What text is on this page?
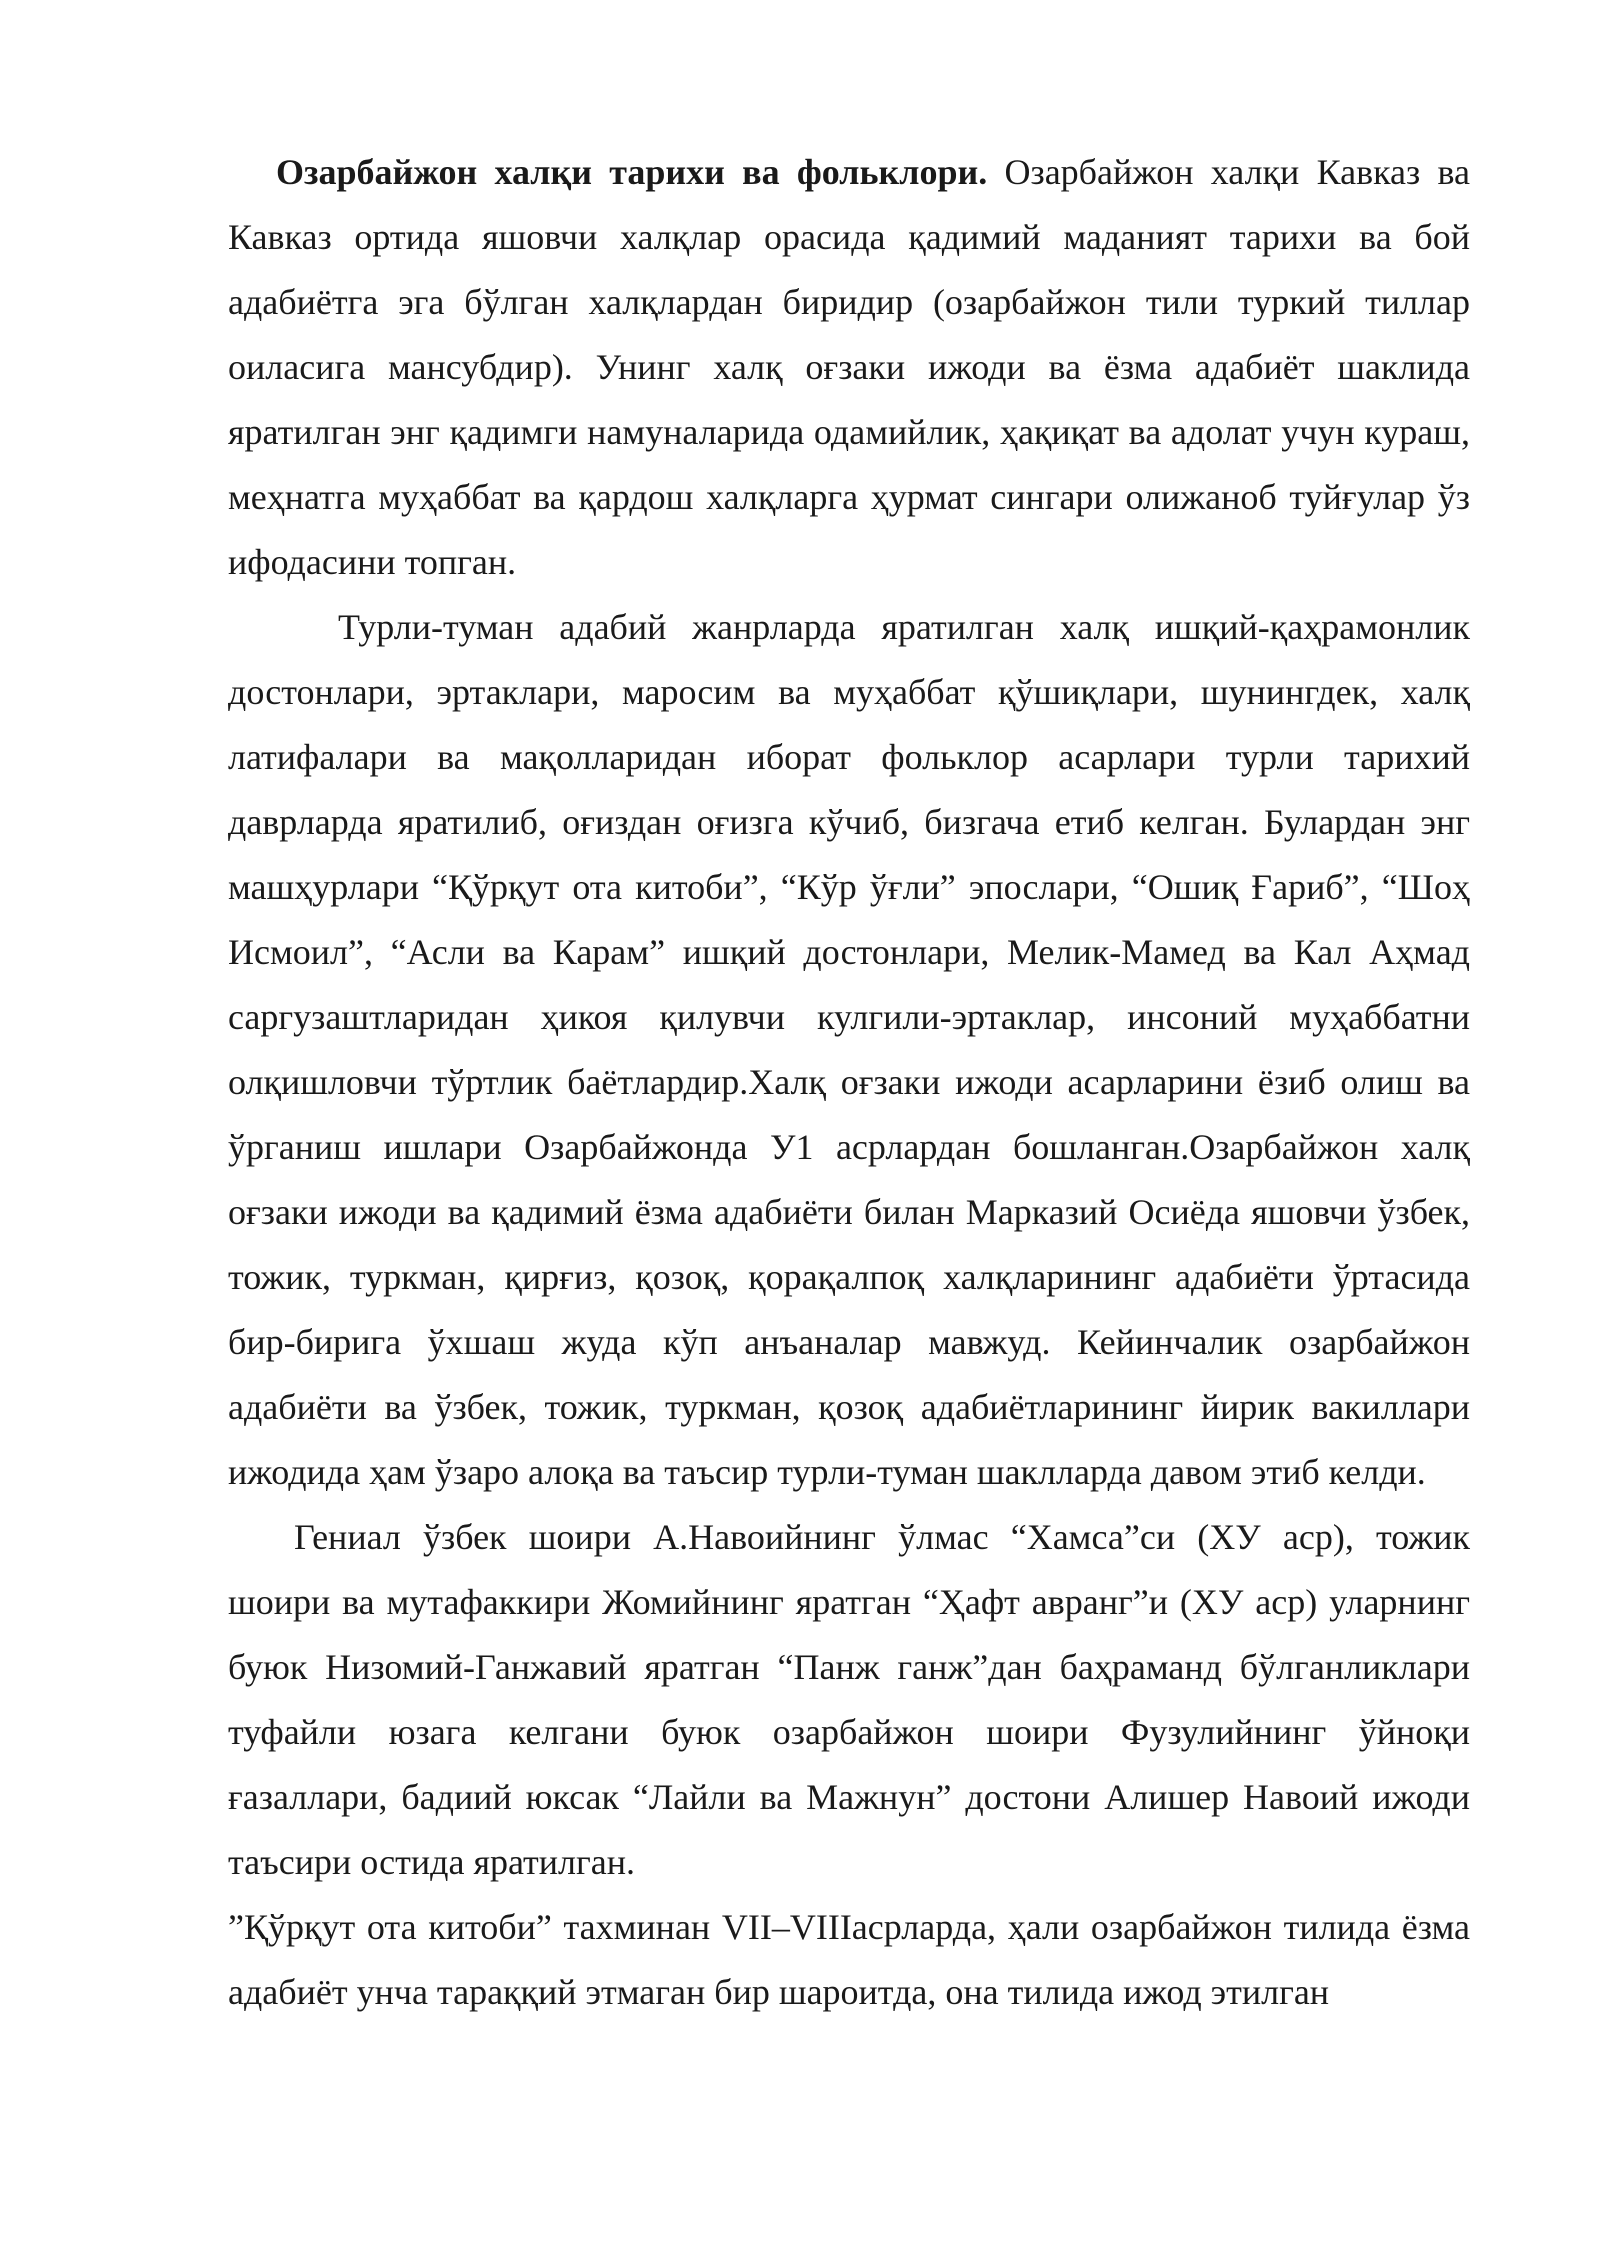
Озарбайжон халқи тарихи ва фольклори. Озарбайжон халқи Кавказ ва Кавказ ортида яшовчи халқлар орасида қадимий маданият тарихи ва бой адабиётга эга бўлган халқлардан биридир (озарбайжон тили туркий тиллар оиласига мансубдир). Унинг халқ оғзаки ижоди ва ёзма адабиёт шаклида яратилган энг қадимги намуналарида одамийлик, ҳақиқат ва адолат учун кураш, меҳнатга муҳаббат ва қардош халқларга ҳурмат сингари олижаноб туйғулар ўз ифодасини топган.

Турли-туман адабий жанрларда яратилган халқ ишқий-қаҳрамонлик достонлари, эртаклари, маросим ва муҳаббат қўшиқлари, шунингдек, халқ латифалари ва мақолларидан иборат фольклор асарлари турли тарихий даврларда яратилиб, оғиздан оғизга кўчиб, бизгача етиб келган. Булардан энг машҳурлари “Қўрқут ота китоби”, “Кўр ўғли” эпослари, “Ошиқ Ғариб”, “Шоҳ Исмоил”, “Асли ва Карам” ишқий достонлари, Мелик-Мамед ва Кал Аҳмад саргузаштларидан ҳикоя қилувчи кулгили-эртаклар, инсоний муҳаббатни олқишловчи тўртлик баётлардир.Халқ оғзаки ижоди асарларини ёзиб олиш ва ўрганиш ишлари Озарбайжонда У1 асрлардан бошланган.Озарбайжон халқ оғзаки ижоди ва қадимий ёзма адабиёти билан Марказий Осиёда яшовчи ўзбек, тожик, туркман, қирғиз, қозоқ, қорақалпоқ халқларининг адабиёти ўртасида бир-бирига ўхшаш жуда кўп анъаналар мавжуд. Кейинчалик озарбайжон адабиёти ва ўзбек, тожик, туркман, қозоқ адабиётларининг йирик вакиллари ижодида ҳам ўзаро алоқа ва таъсир турли-туман шаклларда давом этиб келди.

Гениал ўзбек шоири А.Навоийнинг ўлмас “Хамса”си (ХУ аср), тожик шоири ва мутафаккири Жомийнинг яратган “Ҳафт авранг”и (ХУ аср) уларнинг буюк Низомий-Ганжавий яратган “Панж ганж”дан баҳраманд бўлганликлари туфайли юзага келгани буюк озарбайжон шоири Фузулийнинг ўйноқи ғазаллари, бадиий юксак “Лайли ва Мажнун” достони Алишер Навоий ижоди таъсири остида яратилган.

”Қўрқут ота китоби” тахминан VII–VIIIасрларда, ҳали озарбайжон тилида ёзма адабиёт унча тараққий этмаган бир шароитда, она тилида ижод этилган
